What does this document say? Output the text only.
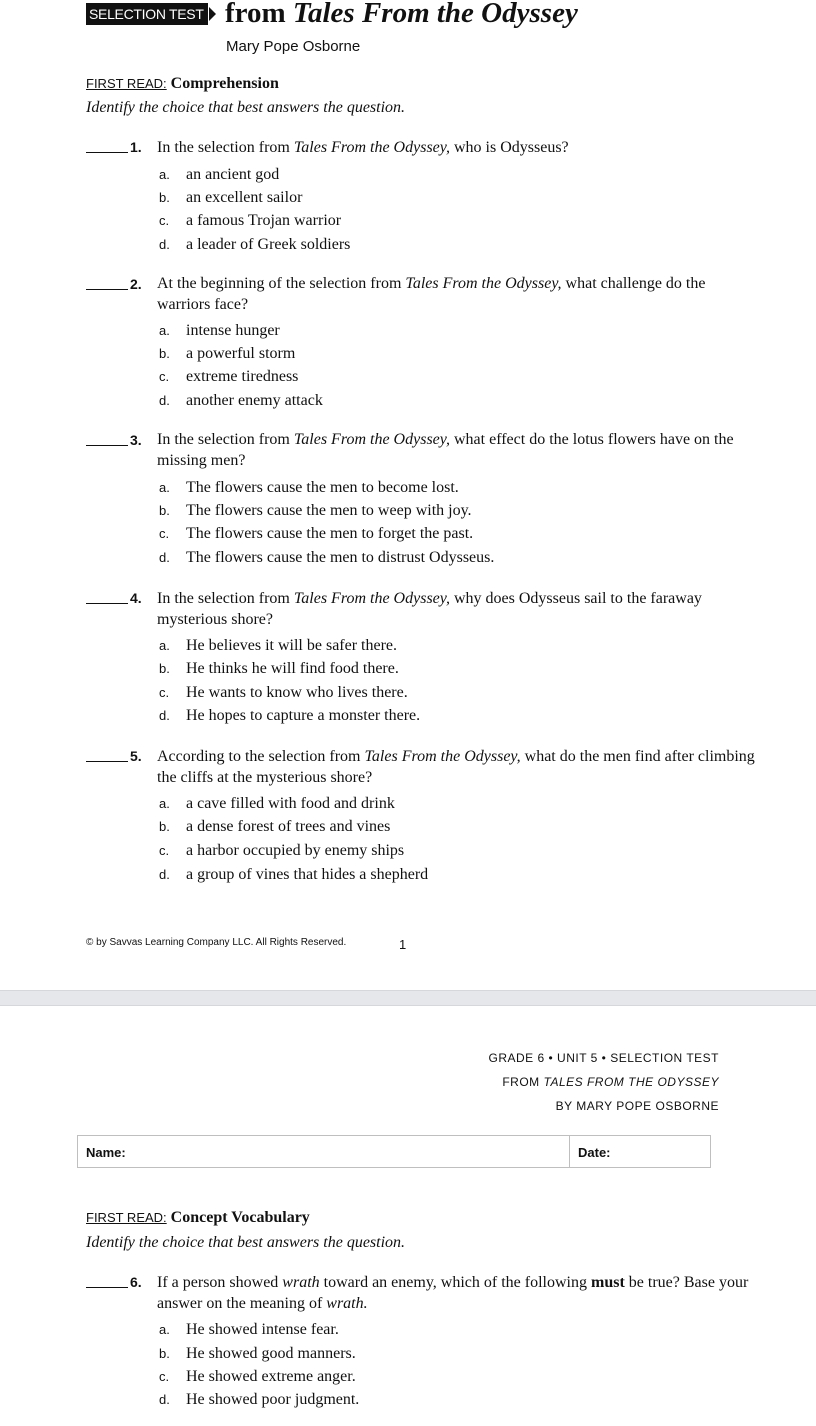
SELECTION TEST from Tales From the Odyssey
Mary Pope Osborne
FIRST READ: Comprehension
Identify the choice that best answers the question.
1. In the selection from Tales From the Odyssey, who is Odysseus?
a. an ancient god
b. an excellent sailor
c. a famous Trojan warrior
d. a leader of Greek soldiers
2. At the beginning of the selection from Tales From the Odyssey, what challenge do the warriors face?
a. intense hunger
b. a powerful storm
c. extreme tiredness
d. another enemy attack
3. In the selection from Tales From the Odyssey, what effect do the lotus flowers have on the missing men?
a. The flowers cause the men to become lost.
b. The flowers cause the men to weep with joy.
c. The flowers cause the men to forget the past.
d. The flowers cause the men to distrust Odysseus.
4. In the selection from Tales From the Odyssey, why does Odysseus sail to the faraway mysterious shore?
a. He believes it will be safer there.
b. He thinks he will find food there.
c. He wants to know who lives there.
d. He hopes to capture a monster there.
5. According to the selection from Tales From the Odyssey, what do the men find after climbing the cliffs at the mysterious shore?
a. a cave filled with food and drink
b. a dense forest of trees and vines
c. a harbor occupied by enemy ships
d. a group of vines that hides a shepherd
© by Savvas Learning Company LLC. All Rights Reserved.	1
GRADE 6 • UNIT 5 • SELECTION TEST
FROM TALES FROM THE ODYSSEY
BY MARY POPE OSBORNE
Name:	Date:
FIRST READ: Concept Vocabulary
Identify the choice that best answers the question.
6. If a person showed wrath toward an enemy, which of the following must be true? Base your answer on the meaning of wrath.
a. He showed intense fear.
b. He showed good manners.
c. He showed extreme anger.
d. He showed poor judgment.
